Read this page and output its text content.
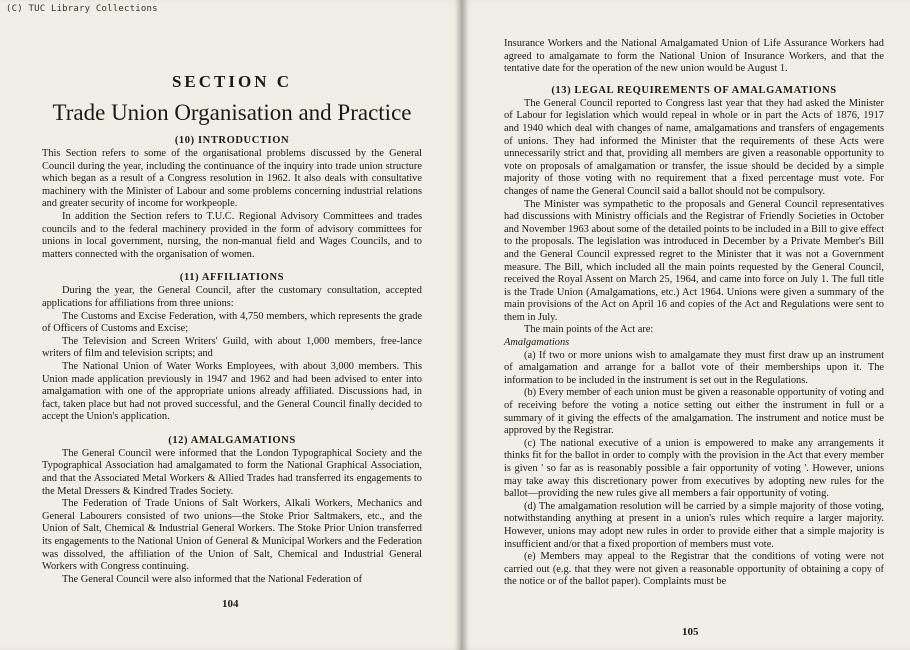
(C) TUC Library Collections
SECTION C
Trade Union Organisation and Practice
(10) INTRODUCTION

This Section refers to some of the organisational problems discussed by the General Council during the year, including the continuance of the inquiry into trade union structure which began as a result of a Congress resolution in 1962. It also deals with consultative machinery with the Minister of Labour and some problems concerning industrial relations and greater security of income for workpeople.

In addition the Section refers to T.U.C. Regional Advisory Committees and trades councils and to the federal machinery provided in the form of advisory committees for unions in local government, nursing, the non-manual field and Wages Councils, and to matters connected with the organisation of women.

(11) AFFILIATIONS

During the year, the General Council, after the customary consultation, accepted applications for affiliations from three unions:

The Customs and Excise Federation, with 4,750 members, which represents the grade of Officers of Customs and Excise;

The Television and Screen Writers' Guild, with about 1,000 members, free-lance writers of film and television scripts; and

The National Union of Water Works Employees, with about 3,000 members. This Union made application previously in 1947 and 1962 and had been advised to enter into amalgamation with one of the appropriate unions already affiliated. Discussions had, in fact, taken place but had not proved successful, and the General Council finally decided to accept the Union's application.

(12) AMALGAMATIONS

The General Council were informed that the London Typographical Society and the Typographical Association had amalgamated to form the National Graphical Association, and that the Associated Metal Workers & Allied Trades had transferred its engagements to the Metal Dressers & Kindred Trades Society.

The Federation of Trade Unions of Salt Workers, Alkali Workers, Mechanics and General Labourers consisted of two unions—the Stoke Prior Saltmakers, etc., and the Union of Salt, Chemical & Industrial General Workers. The Stoke Prior Union transferred its engagements to the National Union of General & Municipal Workers and the Federation was dissolved, the affiliation of the Union of Salt, Chemical and Industrial General Workers with Congress continuing.

The General Council were also informed that the National Federation of

104

Insurance Workers and the National Amalgamated Union of Life Assurance Workers had agreed to amalgamate to form the National Union of Insurance Workers, and that the tentative date for the operation of the new union would be August 1.

(13) LEGAL REQUIREMENTS OF AMALGAMATIONS

The General Council reported to Congress last year that they had asked the Minister of Labour for legislation which would repeal in whole or in part the Acts of 1876, 1917 and 1940 which deal with changes of name, amalgamations and transfers of engagements of unions. They had informed the Minister that the requirements of these Acts were unnecessarily strict and that, providing all members are given a reasonable opportunity to vote on proposals of amalgamation or transfer, the issue should be decided by a simple majority of those voting with no requirement that a fixed percentage must vote. For changes of name the General Council said a ballot should not be compulsory.

The Minister was sympathetic to the proposals and General Council representatives had discussions with Ministry officials and the Registrar of Friendly Societies in October and November 1963 about some of the detailed points to be included in a Bill to give effect to the proposals. The legislation was introduced in December by a Private Member's Bill and the General Council expressed regret to the Minister that it was not a Government measure. The Bill, which included all the main points requested by the General Council, received the Royal Assent on March 25, 1964, and came into force on July 1. The full title is the Trade Union (Amalgamations, etc.) Act 1964. Unions were given a summary of the main provisions of the Act on April 16 and copies of the Act and Regulations were sent to them in July.

The main points of the Act are:

Amalgamations

(a) If two or more unions wish to amalgamate they must first draw up an instrument of amalgamation and arrange for a ballot vote of their memberships upon it. The information to be included in the instrument is set out in the Regulations.

(b) Every member of each union must be given a reasonable opportunity of voting and of receiving before the voting a notice setting out either the instrument in full or a summary of it giving the effects of the amalgamation. The instrument and notice must be approved by the Registrar.

(c) The national executive of a union is empowered to make any arrangements it thinks fit for the ballot in order to comply with the provision in the Act that every member is given ' so far as is reasonably possible a fair opportunity of voting '. However, unions may take away this discretionary power from executives by adopting new rules for the ballot—providing the new rules give all members a fair opportunity of voting.

(d) The amalgamation resolution will be carried by a simple majority of those voting, notwithstanding anything at present in a union's rules which require a larger majority. However, unions may adopt new rules in order to provide either that a simple majority is insufficient and/or that a fixed proportion of members must vote.

(e) Members may appeal to the Registrar that the conditions of voting were not carried out (e.g. that they were not given a reasonable opportunity of obtaining a copy of the notice or of the ballot paper). Complaints must be

105
